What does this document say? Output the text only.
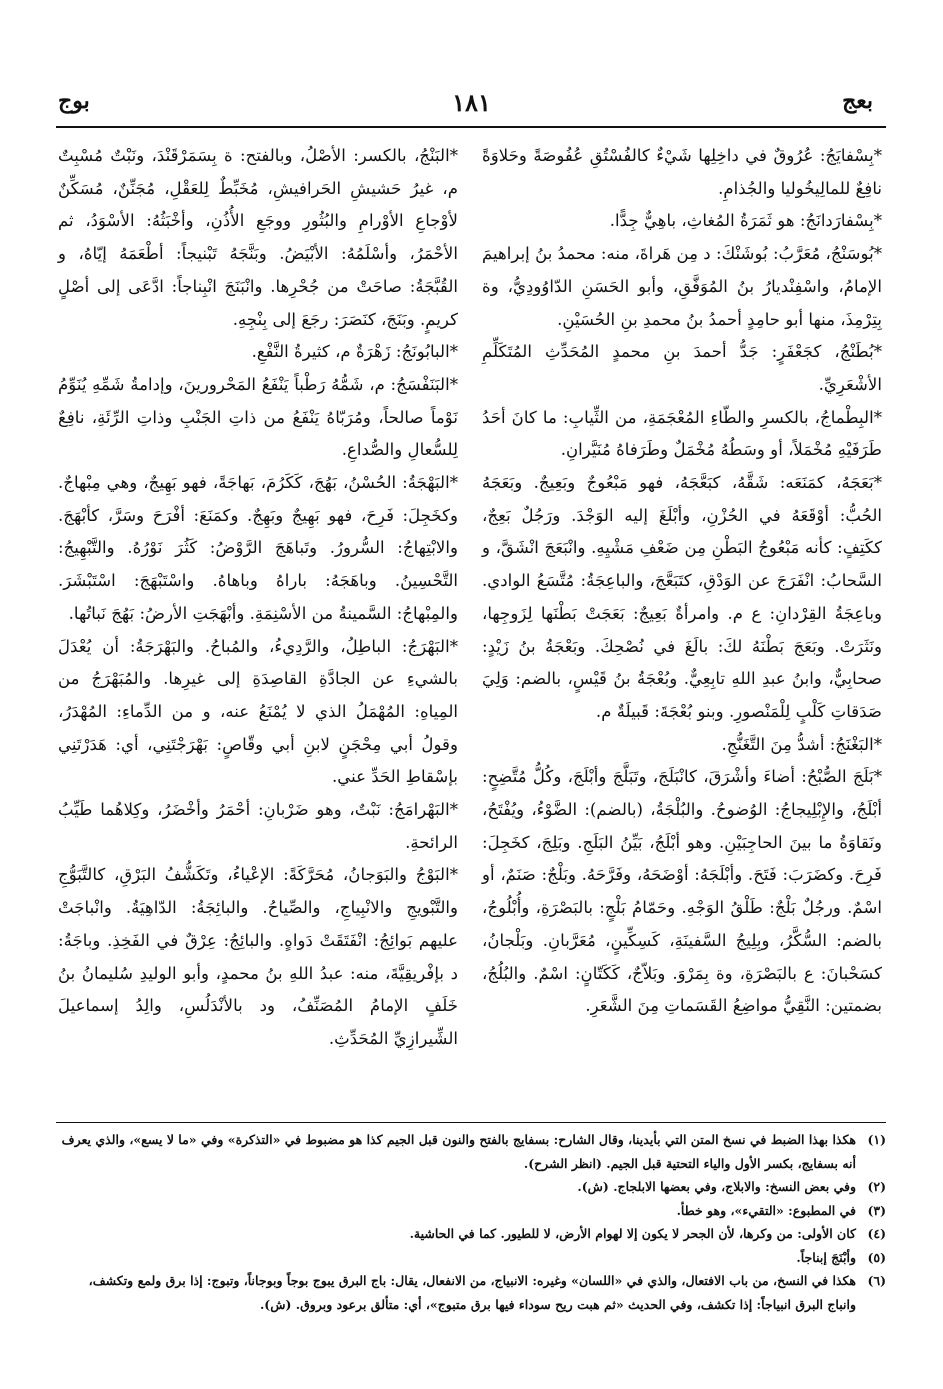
بعج
١٨١
بوج

*بِسْفايَجُ: عُرُوقٌ في داخِلِها شَيْءٌ كالفُسْتُقِ عُفُوصَةً وحَلاوَةً نافِعٌ للمالِيخُوليا والجُذامِ.

*بِسْفارَدانَجُ: هو ثَمَرَةُ المُغاثِ، باهِيٌّ جِدًّا.

*بُوسَنْجُ، مُعَرَّبُ: بُوشَنْكَ: د مِن هَراةَ، منه: محمدُ بنُ إبراهيمَ الإمامُ، واسْفِنْديارُ بنُ المُوَفَّقِ، وأبو الحَسَنِ الدّاوُودِيُّ، وة بِتِرْمِذَ، منها أبو حامِدٍ أحمدُ بنُ محمدِ بنِ الحُسَيْنِ.

*بُطَنْجُ، كجَعْفَرٍ: جَدُّ أحمدَ بنِ محمدٍ المُحَدِّثِ المُتَكَلِّمِ الأشْعَرِيِّ.

*البِطْماجُ، بالكسرِ والطّاءِ المُعْجَمَةِ، من الثِّيابِ: ما كانَ أحَدُ طَرَفَيْهِ مُخْمَلاً، أو وسَطُهُ مُخْمَلٌ وطَرَفاهُ مُنَيَّرانِ.

*بَعَجَهُ، كمَنَعَه: شَقَّهُ، كبَعَّجَهُ، فهو مَبْعُوجٌ وبَعِيجٌ. وبَعَجَهُ الحُبُّ: أوْقَعَهُ في الحُزْنِ، وأبْلَغَ إليه الوَجْدَ. ورَجُلٌ بَعِجٌ، ككَتِفٍ: كأنه مَبْعُوجُ البَطْنِ مِن ضَعْفِ مَشْيِهِ. وانْبَعَجَ انْشَقَّ، و السَّحابُ: انْفَرَجَ عن الوَدْقِ، كتَبَعَّجَ، والباعِجَةُ: مُتَّسَعُ الوادي. وباعِجَةُ القِرْدانِ: ع م. وامرأةٌ بَعِيجٌ: بَعَجَتْ بَطْنَها لِزَوجِها، ونَثَرَتْ. وبَعَجَ بَطْنَهُ لكَ: بالَغَ في نُصْحِكَ. وبَعْجَةُ بنُ زَيْدٍ: صحابِيٌّ، وابنُ عبدِ اللهِ تابِعِيٌّ. وبُعْجَةُ بنُ قَيْسٍ، بالضم: وَلِيَ صَدَقاتِ كَلْبٍ لِلْمَنْصورِ. وبنو بُعْجَةَ: قَبيلَةٌ م.

*البَغْنَجُ: أشدُّ مِنَ التَّغَنُّجِ.

*بَلَجَ الصُّبْحُ: أضاءَ وأشْرَقَ، كانْبَلَجَ، وتَبَلَّجَ وأبْلَجَ، وكُلُّ مُتَّضِحٍ: أبْلَجُ، والإِبْلِيجاجُ: الوُضوحُ. والبُلْجَةُ، (بالضم): الضَّوْءُ، ويُفْتَحُ، ونَقاوَةُ ما بينَ الحاجِبَيْنِ. وهو أبْلَجُ، بَيِّنُ البَلَجِ. وبَلِجَ، كخَجِلَ: فَرِحَ. وكضَرَبَ: فَتَحَ. وأبْلَجَهُ: أوْضَحَهُ، وفَرَّحَهُ. وبَلْجٌ: صَنَمٌ، أو اسْمٌ. ورجُلٌ بَلْجٌ: طَلْقُ الوَجْهِ. وحَمّامُ بَلْجٍ: بالبَصْرَةِ، وأُبْلُوجُ، بالضم: السُّكَّرُ، وبِلِيجُ السَّفينَةِ، كَسِكِّينٍ، مُعَرَّبانِ. وبَلْجانُ، كسَحْبانَ: ع بالبَصْرَةِ، وة بِمَرْوَ. وبَلاّجٌ، كَكَتّانٍ: اسْمٌ. والبُلُجُ، بضمتين: النَّقِيُّ مواضِعُ القَسَماتِ مِنَ الشَّعَرِ.

*البَنْجُ، بالكسر: الأصْلُ، وبالفتح: ة بِسَمَرْقَنْدَ، ونَبْتٌ مُسْبِتٌ م، غيرُ حَشيشِ الحَرافيشِ، مُخَبِّطٌ لِلعَقْلِ، مُجَنِّنٌ، مُسَكِّنٌ لأوْجاعِ الأوْرامِ والبُثُورِ ووجَعِ الأُذُنِ، وأخْبَثُهُ: الأسْوَدُ، ثم الأحْمَرُ، وأسْلَمُهُ: الأبْيَضُ. وبَنَّجَهُ تَبْنيجاً: أطْعَمَهُ إيّاهُ، و القُبَّجَةُ: صاحَتْ من جُحْرِها. وانْبَنَجَ انْبِناجاً: ادَّعَى إلى أصْلٍ كريمٍ. وبَنَجَ، كنَصَرَ: رجَعَ إلى بِنْجِهِ.

*البابُونَجُ: زَهْرَةٌ م، كثيرةُ النَّفْعِ.

*البَنَفْسَجُ: م، شَمُّهُ رَطْباً يَنْفَعُ المَحْرورينَ، وإدامةُ شَمِّهِ يُنَوِّمُ نَوْماً صالحاً، ومُرَبّاهُ يَنْفَعُ من ذاتِ الجَنْبِ وذاتِ الرِّئَةِ، نافِعٌ لِلسُّعالِ والصُّداعِ.

*البَهْجَةُ: الحُسْنُ، بَهُجَ، كَكَرُمَ، بَهاجَةً، فهو بَهِيجٌ، وهي مِبْهاجٌ. وكخَجِلَ: فَرِحَ، فهو بَهِيجٌ وبَهِجٌ. وكمَنَعَ: أفْرَحَ وسَرَّ، كأبْهَجَ. والابْتِهاجُ: السُّرورُ. وتَباهَجَ الرَّوْضُ: كَثُرَ نَوْرُهُ. والتَّبْهِيجُ: التَّحْسِينُ. وباهَجَهُ: باراهُ وباهاهُ. واسْتَبْهَجَ: اسْتَبْشَرَ. والمِبْهاجُ: السَّمينةُ من الأسْنِمَةِ. وأبْهَجَتِ الأرضُ: بَهُجَ نَباتُها.

*البَهْرَجُ: الباطِلُ، والرَّدِيءُ، والمُباحُ. والبَهْرَجَةُ: أن يُعْدَلَ بالشيءِ عن الجادَّةِ القاصِدَةِ إلى غيرِها. والمُبَهْرَجُ من المِياهِ: المُهْمَلُ الذي لا يُمْنَعُ عنه، و من الدِّماءِ: المُهْدَرُ، وقولُ أبي مِحْجَنٍ لابنِ أبي وقّاصٍ: بَهْرَجْتَنِي، أي: هَدَرْتَنِي بإسْقاطِ الحَدِّ عني.

*البَهْرامَجُ: نَبْتٌ، وهو ضَرْبانِ: أحْمَرُ وأخْضَرُ، وكِلاهُما طَيِّبُ الرائحةِ.

*البَوْجُ والبَوَجانُ، مُحَرَّكَةً: الإعْياءُ، وتَكَشُّفُ البَرْقِ، كالتَّبَوُّجِ والتَّبْويجِ والانْبِياجِ، والصِّياحُ. والبائِجَةُ: الدّاهِيَةُ. وانْباجَتْ عليهم بَوائِجُ: انْفَتَقَتْ دَواهٍ. والبائِجُ: عِرْقٌ في الفَخِذِ. وباجَةُ: د بإفْريقِيَّةَ، منه: عبدُ اللهِ بنُ محمدٍ، وأبو الوليدِ سُليمانُ بنُ خَلَفٍ الإمامُ المُصَنِّفُ، ود بالأنْدَلُسِ، والِدُ إسماعيلَ الشِّيرازِيِّ المُحَدِّثِ.

(١)
هكذا بهذا الضبط في نسخ المتن التي بأيدينا، وقال الشارح: بسفايج بالفتح والنون قبل الجيم كذا هو مضبوط في «التذكرة» وفي «ما لا يسع»، والذي يعرف أنه بسفايج، بكسر الأول والياء التحتية قبل الجيم. (انظر الشرح).
(٢)
وفي بعض النسخ: والابلاج، وفي بعضها الابلجاج. (ش).
(٣)
في المطبوع: «التقيء»، وهو خطأ.
(٤)
كان الأولى: من وكرها، لأن الجحر لا يكون إلا لهوام الأرض، لا للطيور. كما في الحاشية.
(٥)
وأبْنَجَ إبناجاً.
(٦)
هكذا في النسخ، من باب الافتعال، والذي في «اللسان» وغيره: الانبياج، من الانفعال، يقال: باج البرق يبوج بوجاً وبوجاناً، وتبوج: إذا برق ولمع وتكشف، وانباج البرق انبياجاً: إذا تكشف، وفي الحديث «ثم هبت ريح سوداء فيها برق متبوج»، أي: متألق برعود وبروق. (ش).
